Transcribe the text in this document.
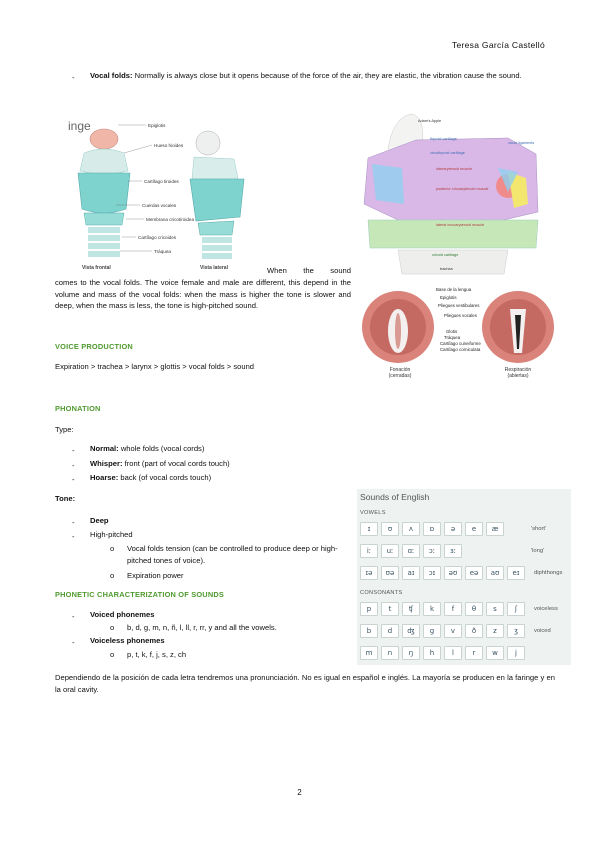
Teresa García Castelló
- Vocal folds: Normally is always close but it opens because of the force of the air, they are elastic, the vibration cause the sound.
inge	Epiglotis
Hueso hioides
Cartílago tiroides
Cuerdas vocales
Membrana cricotiroidea
Cartílago cricoides
Tráquea
Vista frontal	Vista lateral
Adam's Apple
thyroid cartilage
cricothyroid cartilage
vocal ligaments
interarytenoid muscle
posterior cricoarytenoid muscle
lateral cricoarytenoid muscle
cricoid cartilage
trachea
Base de la lengua
Epiglotis
Pliegues vestibulares
Pliegues vocales
Glotis
Tráquea
Cartílago cuneiforme
Cartílago corniculata
Fonación
(cerradas)
Respiración
(abiertas)
When the sound
comes to the vocal folds. The voice female and male are different, this depend in the volume and mass of the vocal folds: when the mass is higher the tone is slower and deep, when the mass is less, the tone is high-pitched sound.
VOICE PRODUCTION
Expiration > trachea > larynx > glottis > vocal folds > sound
PHONATION
Type:
- Normal: whole folds (vocal cords)
- Whisper: front (part of vocal cords touch)
- Hoarse: back (of vocal cords touch)
Tone:
- Deep
- High-pitched
o Vocal folds tension (can be controlled to produce deep or high-pitched tones of voice).
o Expiration power
PHONETIC CHARACTERIZATION OF SOUNDS
- Voiced phonemes
o b, d, g, m, n, ñ, l, ll, r, rr, y and all the vowels.
- Voiceless phonemes
o p, t, k, f, j, s, z, ch
Sounds of English
VOWELS
ɪ	ʊ	ʌ	ɒ	ə	e	æ	'short'
iː	uː	ɑː	ɔː	ɜː	'long'
ɪə	ʊə	aɪ	ɔɪ	əʊ	eə	aʊ	eɪ	diphthongs
CONSONANTS
p	t	ʧ	k	f	θ	s	ʃ	voiceless
b	d	ʤ	g	v	ð	z	ʒ	voiced
m	n	ŋ	h	l	r	w	j
Dependiendo de la posición de cada letra tendremos una pronunciación. No es igual en español e inglés. La mayoría se producen en la faringe y en la oral cavity.
2
